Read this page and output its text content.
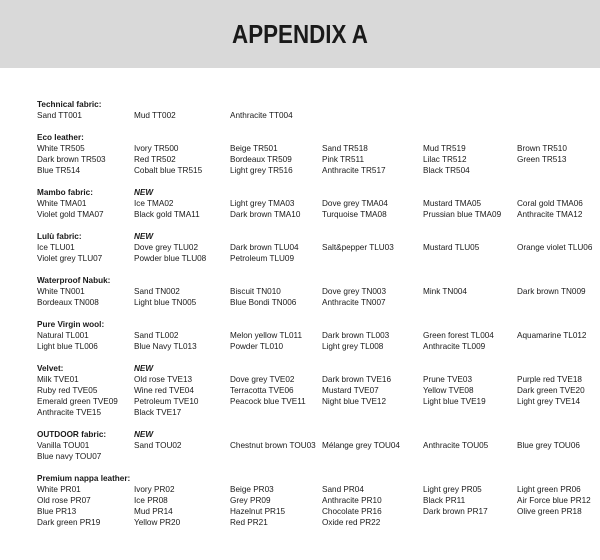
APPENDIX A
Technical fabric:
Sand TT001	Mud TT002	Anthracite TT004
Eco leather:
White TR505	Ivory TR500	Beige TR501	Sand TR518	Mud TR519	Brown TR510
Dark brown TR503	Red TR502	Bordeaux TR509	Pink TR511	Lilac TR512	Green TR513
Blue TR514	Cobalt blue TR515	Light grey TR516	Anthracite TR517	Black TR504
Mambo fabric:	NEW
White TMA01	Ice TMA02	Light grey TMA03	Dove grey TMA04	Mustard TMA05	Coral gold TMA06
Violet gold TMA07	Black gold TMA11	Dark brown TMA10	Turquoise TMA08	Prussian blue TMA09	Anthracite TMA12
Lulù fabric:	NEW
Ice TLU01	Dove grey TLU02	Dark brown TLU04	Salt&pepper TLU03	Mustard TLU05	Orange violet TLU06
Violet grey TLU07	Powder blue TLU08	Petroleum TLU09
Waterproof Nabuk:
White TN001	Sand TN002	Biscuit TN010	Dove grey TN003	Mink TN004	Dark brown TN009
Bordeaux TN008	Light blue TN005	Blue Bondi TN006	Anthracite TN007
Pure Virgin wool:
Natural TL001	Sand TL002	Melon yellow TL011	Dark brown TL003	Green forest TL004	Aquamarine TL012
Light blue TL006	Blue Navy TL013	Powder TL010	Light grey TL008	Anthracite TL009
Velvet:	NEW
Milk TVE01	Old rose TVE13	Dove grey TVE02	Dark brown TVE16	Prune TVE03	Purple red TVE18
Ruby red TVE05	Wine red TVE04	Terracotta TVE06	Mustard TVE07	Yellow TVE08	Dark green TVE20
Emerald green TVE09	Petroleum TVE10	Peacock blue TVE11	Night blue TVE12	Light blue TVE19	Light grey TVE14
Anthracite TVE15	Black TVE17
OUTDOOR fabric:	NEW
Vanilla TOU01	Sand TOU02	Chestnut brown TOU03 Mélange grey TOU04	Anthracite TOU05	Blue grey TOU06
Blue navy TOU07
Premium nappa leather:
White PR01	Ivory PR02	Beige PR03	Sand PR04	Light grey PR05	Light green PR06
Old rose PR07	Ice PR08	Grey PR09	Anthracite PR10	Black PR11	Air Force blue PR12
Blue PR13	Mud PR14	Hazelnut PR15	Chocolate PR16	Dark brown PR17	Olive green PR18
Dark green PR19	Yellow PR20	Red PR21	Oxide red PR22
